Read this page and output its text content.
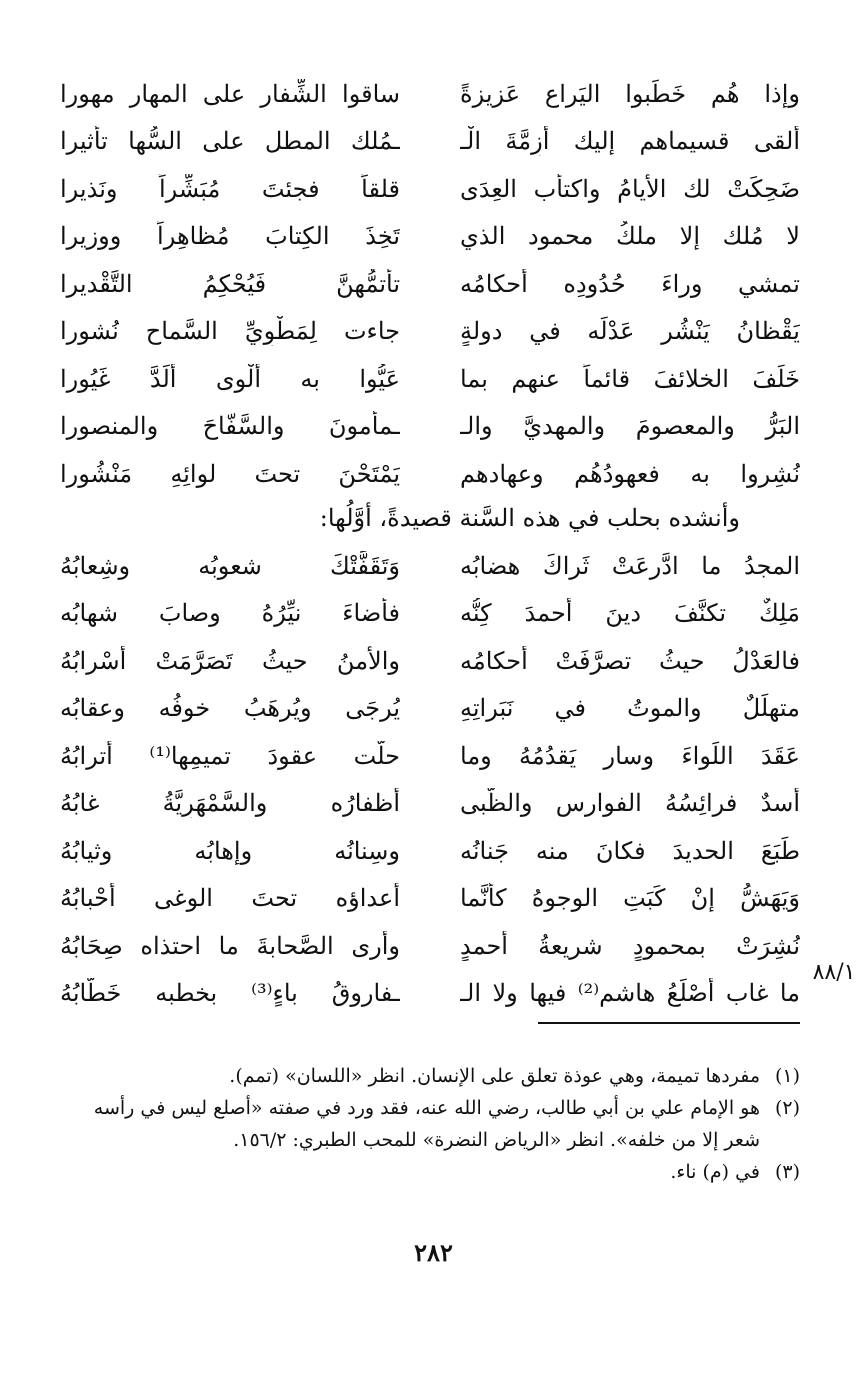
وإذا هُم خَطَبوا اليَراع عَزيزةً
ساقوا الشِّفار على المهار مهورا
ألقى قسيماهم إليك أزِمَّةَ الْـ
ـمُلك المطل على السُّها تأثيرا
ضَحِكَتْ لك الأيامُ واكتأب العِدَى
قلقاً فجئتَ مُبَشِّراً ونَذيرا
لا مُلك إلا ملكُ محمود الذي
تَخِذَ الكِتابَ مُظاهِراً ووزيرا
تمشي وراءَ حُدُودِه أحكامُه
تأتمُّهنَّ فَيُحْكِمُ التَّقْديرا
يَقْظانُ يَنْشُر عَدْلَه في دولةٍ
جاءت لِمَطْوِيِّ السَّماحِ نُشورا
خَلَفَ الخلائفَ قائماً عنهم بما
عَيُّوا به ألْوى ألَدَّ غَيُورا
البَرُّ والمعصومَ والمهديَّ والـ
ـمأمونَ والسَّفّاحَ والمنصورا
نُشِروا به فعهودُهُم وعهادهم
يَمْتَحْنَ تحتَ لوائِهِ مَنْشُورا
وأنشده بحلب في هذه السَّنة قصيدةً، أوَّلُها:
المجدُ ما ادَّرعَتْ ثَراكَ هضابُه
وَتَقَفَّتْكَ شعوبُه وشِعابُهُ
مَلِكٌ تكنَّفَ دينَ أحمدَ كِنُّه
فأضاءَ نيِّرُهُ وصابَ شهابُه
فالعَدْلُ حيثُ تصرَّفَتْ أحكامُه
والأمنُ حيثُ تَصَرَّمَتْ أسْرابُهُ
متهلِّلٌ والموتُ في نَبَراتِهِ
يُرجَى ويُرهَبُ خوفُه وعقابُه
عَقَدَ اللِّواءَ وسار يَقدُمُهُ وما
حلَّت عقودَ تميمِها⁽¹⁾ أترابُهُ
أسدٌ فرائِسُهُ الفوارس والظُّبى
أظفارُه والسَّمْهَرِيَّةُ غابُهُ
طَبَعَ الحديدَ فكانَ منه جَنانُه
وسِنانُه وإهابُه وثيابُهُ
وَيَهَشُّ إنْ كَبَتِ الوجوهُ كأنَّما
أعداؤه تحتَ الوغى أحْبابُهُ
نُشِرَتْ بمحمودٍ شريعةُ أحمدٍ
وأرى الصَّحابةَ ما احتذاه صِحَابُهُ
ما غاب أصْلَعُ هاشمٍ⁽²⁾ فيها ولا الـ
ـفاروقُ باءٍ⁽³⁾ بخطبه خَطّابُهُ
٨٨/١
(١)
مفردها تميمة، وهي عوذة تعلق على الإنسان. انظر «اللسان» (تمم).
(٢)
هو الإمام علي بن أبي طالب، رضي الله عنه، فقد ورد في صفته «أصلع ليس في رأسه شعر إلا من خلفه». انظر «الرياض النضرة» للمحب الطبري: ١٥٦/٢.
(٣)
في (م) ناء.
٢٨٢
